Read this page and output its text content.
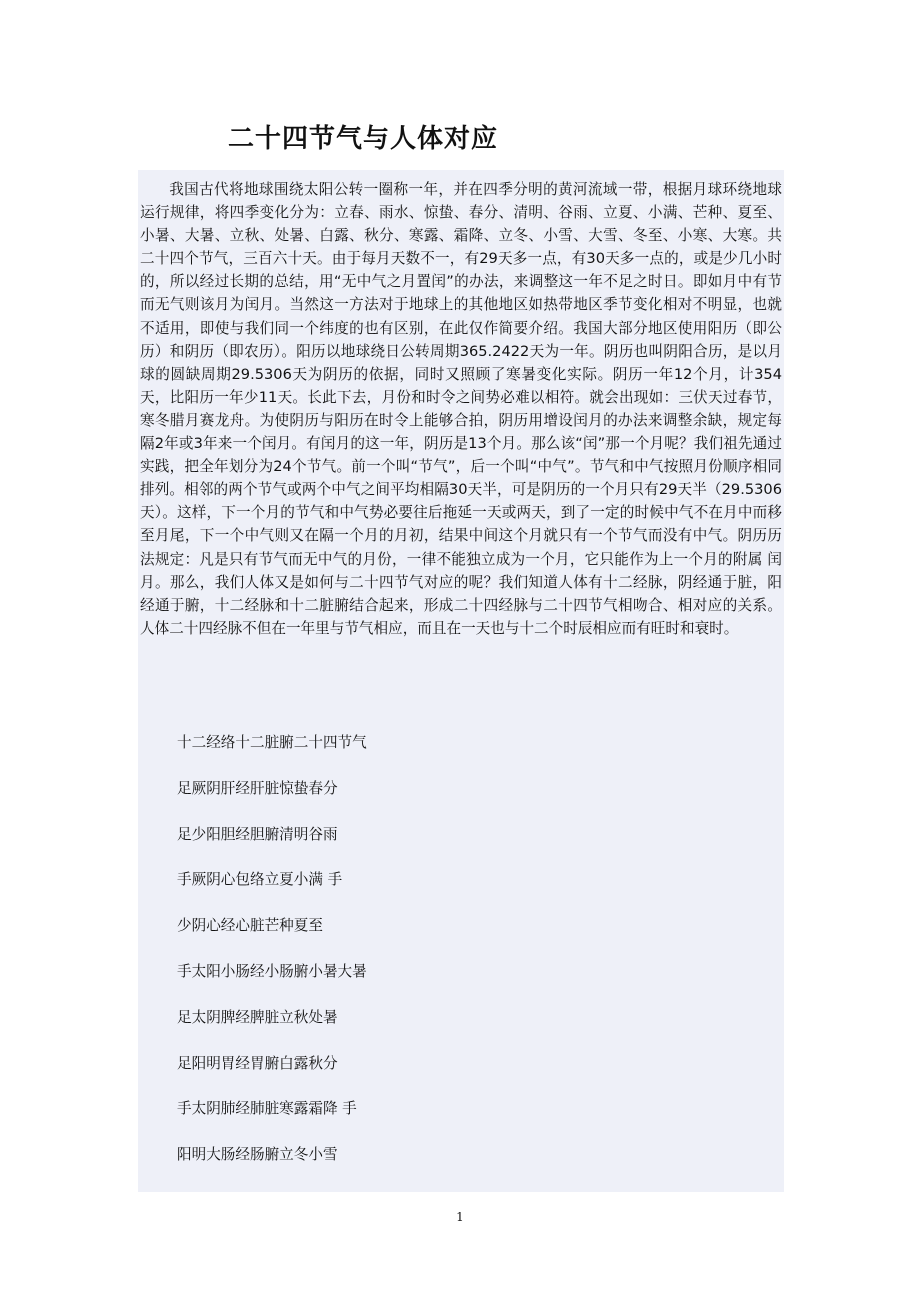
二十四节气与人体对应

我国古代将地球围绕太阳公转一圈称一年，并在四季分明的黄河流域一带，根据月球环绕地球运行规律，将四季变化分为：立春、雨水、惊蛰、春分、清明、谷雨、立夏、小满、芒种、夏至、小暑、大暑、立秋、处暑、白露、秋分、寒露、霜降、立冬、小雪、大雪、冬至、小寒、大寒。共二十四个节气，三百六十天。由于每月天数不一，有29天多一点，有30天多一点的，或是少几小时的，所以经过长期的总结，用“无中气之月置闰”的办法，来调整这一年不足之时日。即如月中有节而无气则该月为闰月。当然这一方法对于地球上的其他地区如热带地区季节变化相对不明显，也就不适用，即使与我们同一个纬度的也有区别，在此仅作简要介绍。我国大部分地区使用阳历（即公历）和阴历（即农历）。阳历以地球绕日公转周期365.2422天为一年。阴历也叫阴阳合历，是以月球的圆缺周期29.5306天为阴历的依据，同时又照顾了寒暑变化实际。阴历一年12个月，计354天，比阳历一年少11天。长此下去，月份和时令之间势必难以相符。就会出现如：三伏天过春节，寒冬腊月赛龙舟。为使阴历与阳历在时令上能够合拍，阴历用增设闰月的办法来调整余缺，规定每隔2年或3年来一个闰月。有闰月的这一年，阴历是13个月。那么该“闰”那一个月呢？我们祖先通过实践，把全年划分为24个节气。前一个叫“节气”，后一个叫“中气”。节气和中气按照月份顺序相同排列。相邻的两个节气或两个中气之间平均相隔30天半，可是阴历的一个月只有29天半（29.5306天）。这样，下一个月的节气和中气势必要往后拖延一天或两天，到了一定的时候中气不在月中而移至月尾，下一个中气则又在隔一个月的月初，结果中间这个月就只有一个节气而没有中气。阴历历法规定：凡是只有节气而无中气的月份，一律不能独立成为一个月，它只能作为上一个月的附属 闰月。那么，我们人体又是如何与二十四节气对应的呢？我们知道人体有十二经脉，阴经通于脏，阳经通于腑，十二经脉和十二脏腑结合起来，形成二十四经脉与二十四节气相吻合、相对应的关系。人体二十四经脉不但在一年里与节气相应，而且在一天也与十二个时辰相应而有旺时和衰时。

十二经络十二脏腑二十四节气
足厥阴肝经肝脏惊蛰春分
足少阳胆经胆腑清明谷雨
手厥阴心包络立夏小满 手
少阴心经心脏芒种夏至
手太阳小肠经小肠腑小暑大暑
足太阴脾经脾脏立秋处暑
足阳明胃经胃腑白露秋分
手太阴肺经肺脏寒露霜降 手
阳明大肠经肠腑立冬小雪
1
